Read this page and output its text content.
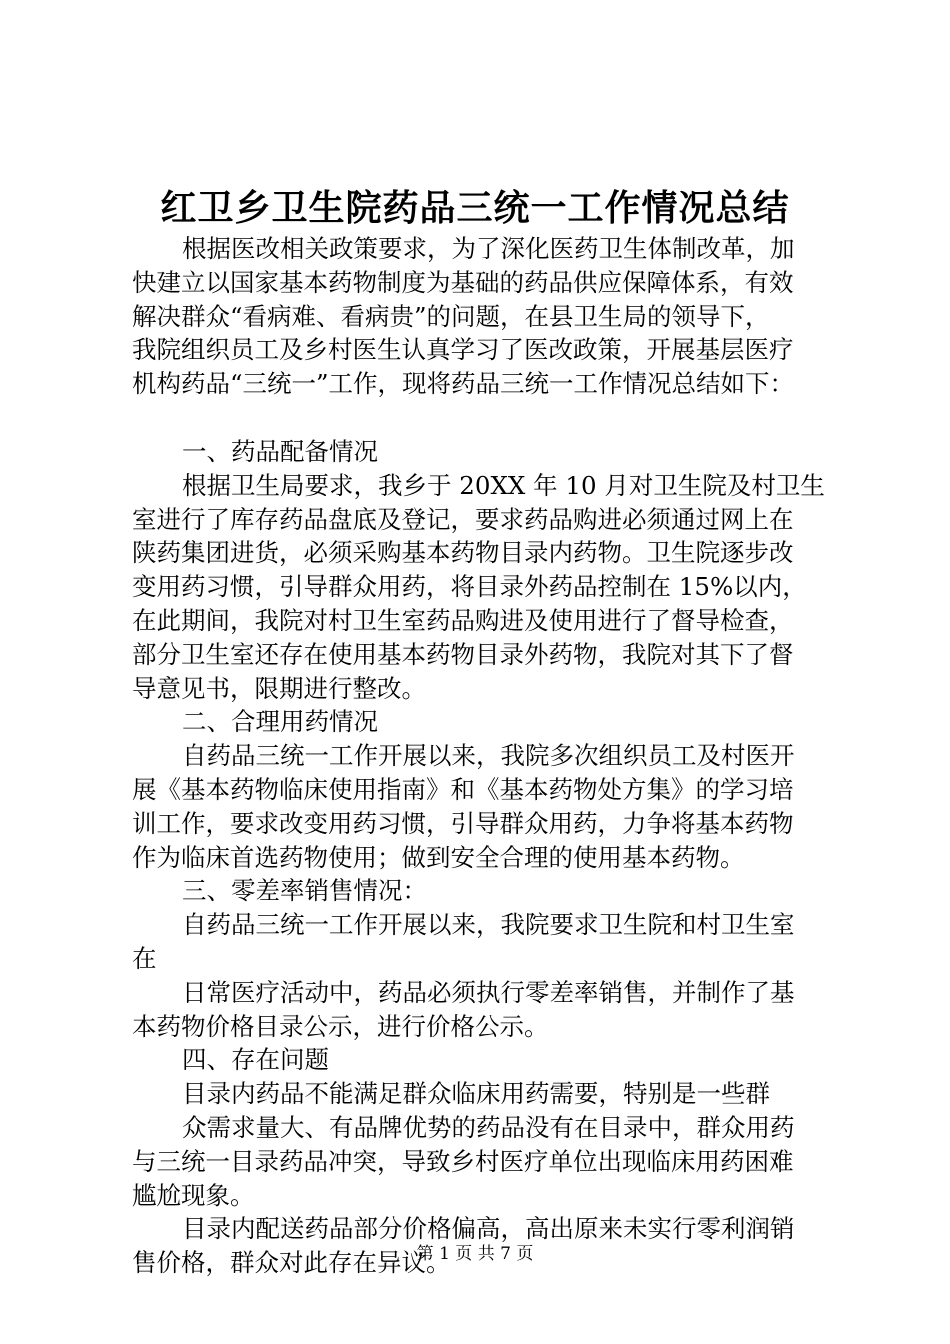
红卫乡卫生院药品三统一工作情况总结
根据医改相关政策要求，为了深化医药卫生体制改革，加
快建立以国家基本药物制度为基础的药品供应保障体系，有效
解决群众“看病难、看病贵”的问题，在县卫生局的领导下，
我院组织员工及乡村医生认真学习了医改政策，开展基层医疗
机构药品“三统一”工作，现将药品三统一工作情况总结如下：
一、药品配备情况
根据卫生局要求，我乡于 20XX 年 10 月对卫生院及村卫生
室进行了库存药品盘底及登记，要求药品购进必须通过网上在
陕药集团进货，必须采购基本药物目录内药物。卫生院逐步改
变用药习惯，引导群众用药，将目录外药品控制在 15%以内，
在此期间，我院对村卫生室药品购进及使用进行了督导检查，
部分卫生室还存在使用基本药物目录外药物，我院对其下了督
导意见书，限期进行整改。
二、合理用药情况
自药品三统一工作开展以来，我院多次组织员工及村医开
展《基本药物临床使用指南》和《基本药物处方集》的学习培
训工作，要求改变用药习惯，引导群众用药，力争将基本药物
作为临床首选药物使用；做到安全合理的使用基本药物。
三、零差率销售情况：
自药品三统一工作开展以来，我院要求卫生院和村卫生室
在
日常医疗活动中，药品必须执行零差率销售，并制作了基
本药物价格目录公示，进行价格公示。
四、存在问题
目录内药品不能满足群众临床用药需要，特别是一些群
众需求量大、有品牌优势的药品没有在目录中，群众用药
与三统一目录药品冲突，导致乡村医疗单位出现临床用药困难
尴尬现象。
目录内配送药品部分价格偏高，高出原来未实行零利润销
售价格，群众对此存在异议。
第 1 页 共 7 页
